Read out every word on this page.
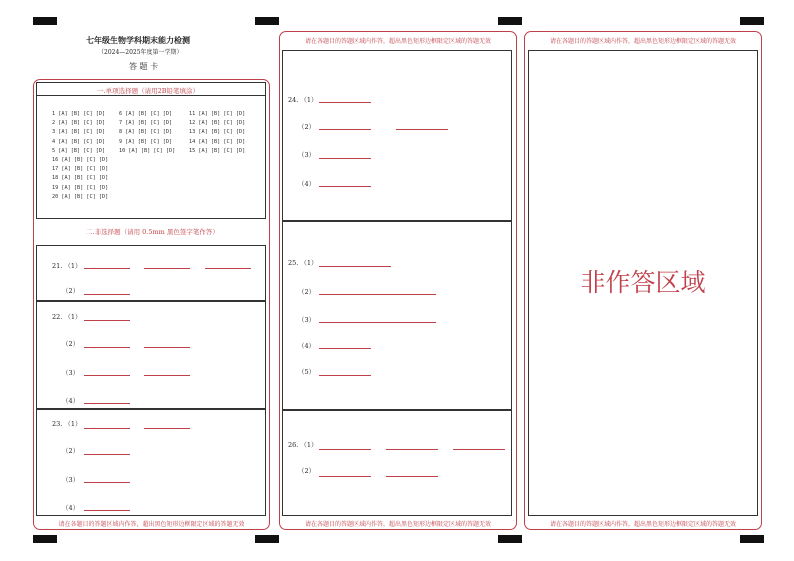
七年级生物学科期末能力检测
（2024—2025年度第一学期）
答 题 卡
一.单项选择题（请用2B铅笔填涂）
1 [A] [B] [C] [D]
2 [A] [B] [C] [D]
3 [A] [B] [C] [D]
4 [A] [B] [C] [D]
5 [A] [B] [C] [D]
6 [A] [B] [C] [D]
7 [A] [B] [C] [D]
8 [A] [B] [C] [D]
9 [A] [B] [C] [D]
10 [A] [B] [C] [D]
11 [A] [B] [C] [D]
12 [A] [B] [C] [D]
13 [A] [B] [C] [D]
14 [A] [B] [C] [D]
15 [A] [B] [C] [D]
16 [A] [B] [C] [D]
17 [A] [B] [C] [D]
18 [A] [B] [C] [D]
19 [A] [B] [C] [D]
20 [A] [B] [C] [D]
二.非选择题（请用 0.5mm 黑色签字笔作答）
21. （1）
（2）
22. （1）
（2）
（3）
（4）
23. （1）
（2）
（3）
（4）
请在各题目的答题区域内作答，超出黑色矩形边框限定区域的答题无效
请在各题目的答题区域内作答，超出黑色矩形边框限定区域的答题无效
24. （1）
（2）
（3）
（4）
25. （1）
（2）
（3）
（4）
（5）
26. （1）
（2）
请在各题目的答题区域内作答，超出黑色矩形边框限定区域的答题无效
请在各题目的答题区域内作答，超出黑色矩形边框限定区域的答题无效
非作答区域
请在各题目的答题区域内作答，超出黑色矩形边框限定区域的答题无效
